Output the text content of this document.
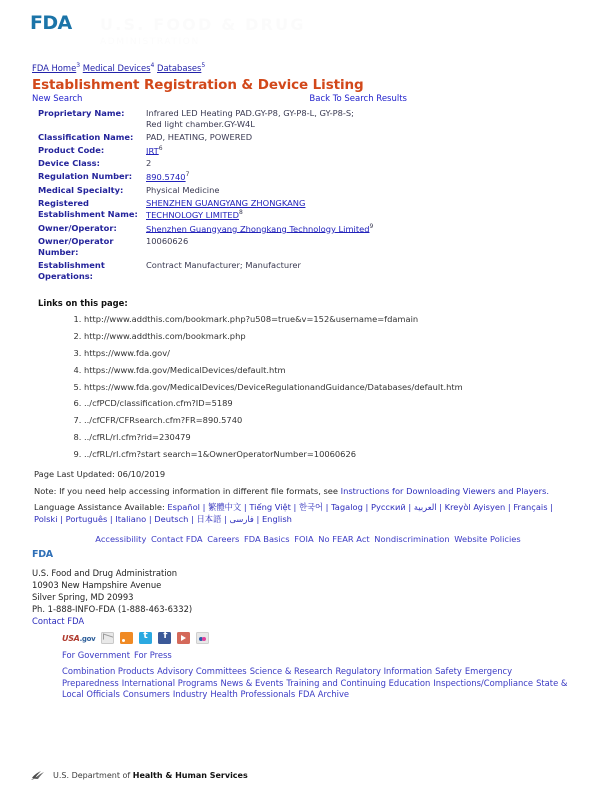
FDA U.S. FOOD & DRUG
ADMINISTRATION
FDA Home$^3$ Medical Devices$^4$ Databases$^5$
Establishment Registration & Device Listing
New Search	Back To Search Results
Proprietary Name:	Infrared LED Heating PAD.GY-P8, GY-P8-L, GY-P8-S;
Red light chamber.GY-W4L
Classification Name:	PAD, HEATING, POWERED
Product Code:	IRT$^6$
Device Class:	2
Regulation Number:	890.5740$^7$
Medical Specialty:	Physical Medicine
Registered
Establishment Name:	SHENZHEN GUANGYANG ZHONGKANG
TECHNOLOGY LIMITED$^8$
Owner/Operator:	Shenzhen Guangyang Zhongkang Technology Limited$^9$
Owner/Operator
Number:	10060626
Establishment
Operations:	Contract Manufacturer; Manufacturer
Links on this page:
1. http://www.addthis.com/bookmark.php?u508=true&v=152&username=fdamain
2. http://www.addthis.com/bookmark.php
3. https://www.fda.gov/
4. https://www.fda.gov/MedicalDevices/default.htm
5. https://www.fda.gov/MedicalDevices/DeviceRegulationandGuidance/Databases/default.htm
6. ../cfPCD/classification.cfm?ID=5189
7. ../cfCFR/CFRsearch.cfm?FR=890.5740
8. ../cfRL/rl.cfm?rid=230479
9. ../cfRL/rl.cfm?start search=1&OwnerOperatorNumber=10060626
Page Last Updated: 06/10/2019
Note: If you need help accessing information in different file formats, see Instructions for Downloading Viewers and Players.
Language Assistance Available: Español | 繁體中文 | Tiếng Việt | 한국어 | Tagalog | Русский | العربية | Kreyòl Ayisyen | Français | Polski | Português | Italiano | Deutsch | 日本語 | فارسی | English
Accessibility Contact FDA Careers FDA Basics FOIA No FEAR Act Nondiscrimination Website Policies
FDA
U.S. Food and Drug Administration
10903 New Hampshire Avenue
Silver Spring, MD 20993
Ph. 1-888-INFO-FDA (1-888-463-6332)
Contact FDA
USA.gov
t
f
For Government For Press
Combination Products Advisory Committees Science & Research Regulatory Information Safety Emergency Preparedness International Programs News & Events Training and Continuing Education Inspections/Compliance State & Local Officials Consumers Industry Health Professionals FDA Archive
U.S. Department of Health & Human Services
